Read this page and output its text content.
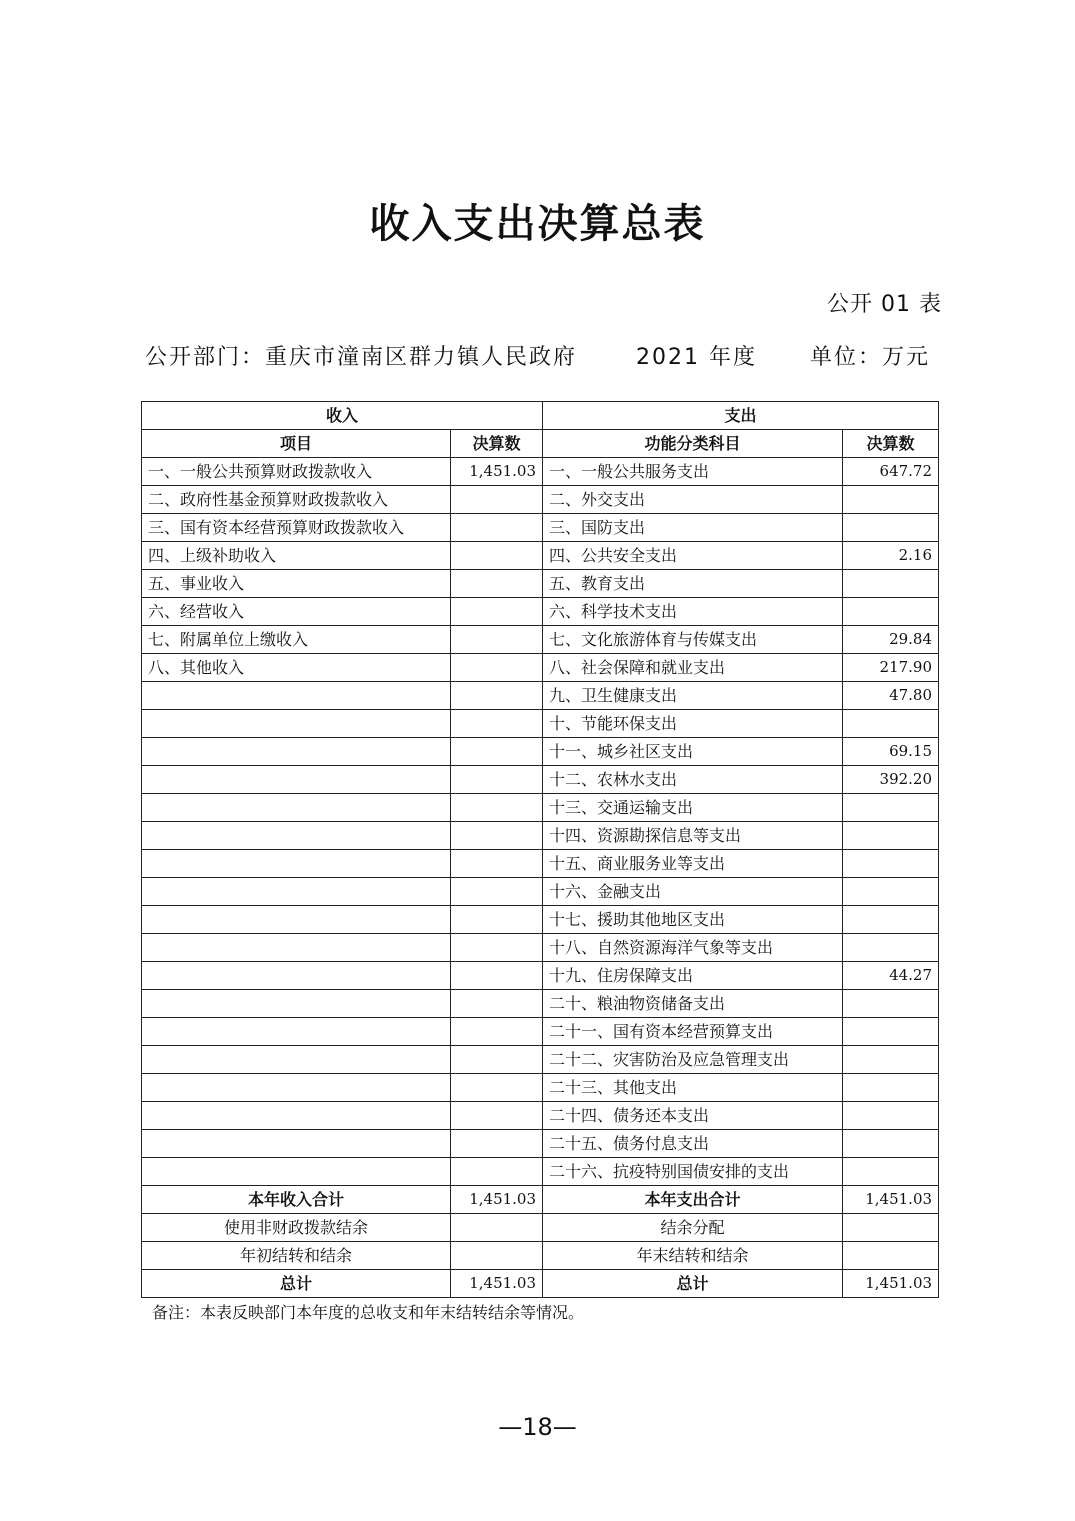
收入支出决算总表
公开 01 表
公开部门：重庆市潼南区群力镇人民政府	2021 年度 单位：万元
收入		支出	
项目	决算数	功能分类科目	决算数
一、一般公共预算财政拨款收入	1,451.03	一、一般公共服务支出	647.72
二、政府性基金预算财政拨款收入		二、外交支出	
三、国有资本经营预算财政拨款收入		三、国防支出	
四、上级补助收入		四、公共安全支出	2.16
五、事业收入		五、教育支出	
六、经营收入		六、科学技术支出	
七、附属单位上缴收入		七、文化旅游体育与传媒支出	29.84
八、其他收入		八、社会保障和就业支出	217.90
		九、卫生健康支出	47.80
		十、节能环保支出	
		十一、城乡社区支出	69.15
		十二、农林水支出	392.20
		十三、交通运输支出	
		十四、资源勘探信息等支出	
		十五、商业服务业等支出	
		十六、金融支出	
		十七、援助其他地区支出	
		十八、自然资源海洋气象等支出	
		十九、住房保障支出	44.27
		二十、粮油物资储备支出	
		二十一、国有资本经营预算支出	
		二十二、灾害防治及应急管理支出	
		二十三、其他支出	
		二十四、债务还本支出	
		二十五、债务付息支出	
		二十六、抗疫特别国债安排的支出	
本年收入合计	1,451.03	本年支出合计	1,451.03
使用非财政拨款结余		结余分配	
年初结转和结余		年末结转和结余	
总计	1,451.03	总计	1,451.03
备注：本表反映部门本年度的总收支和年末结转结余等情况。
—18—
